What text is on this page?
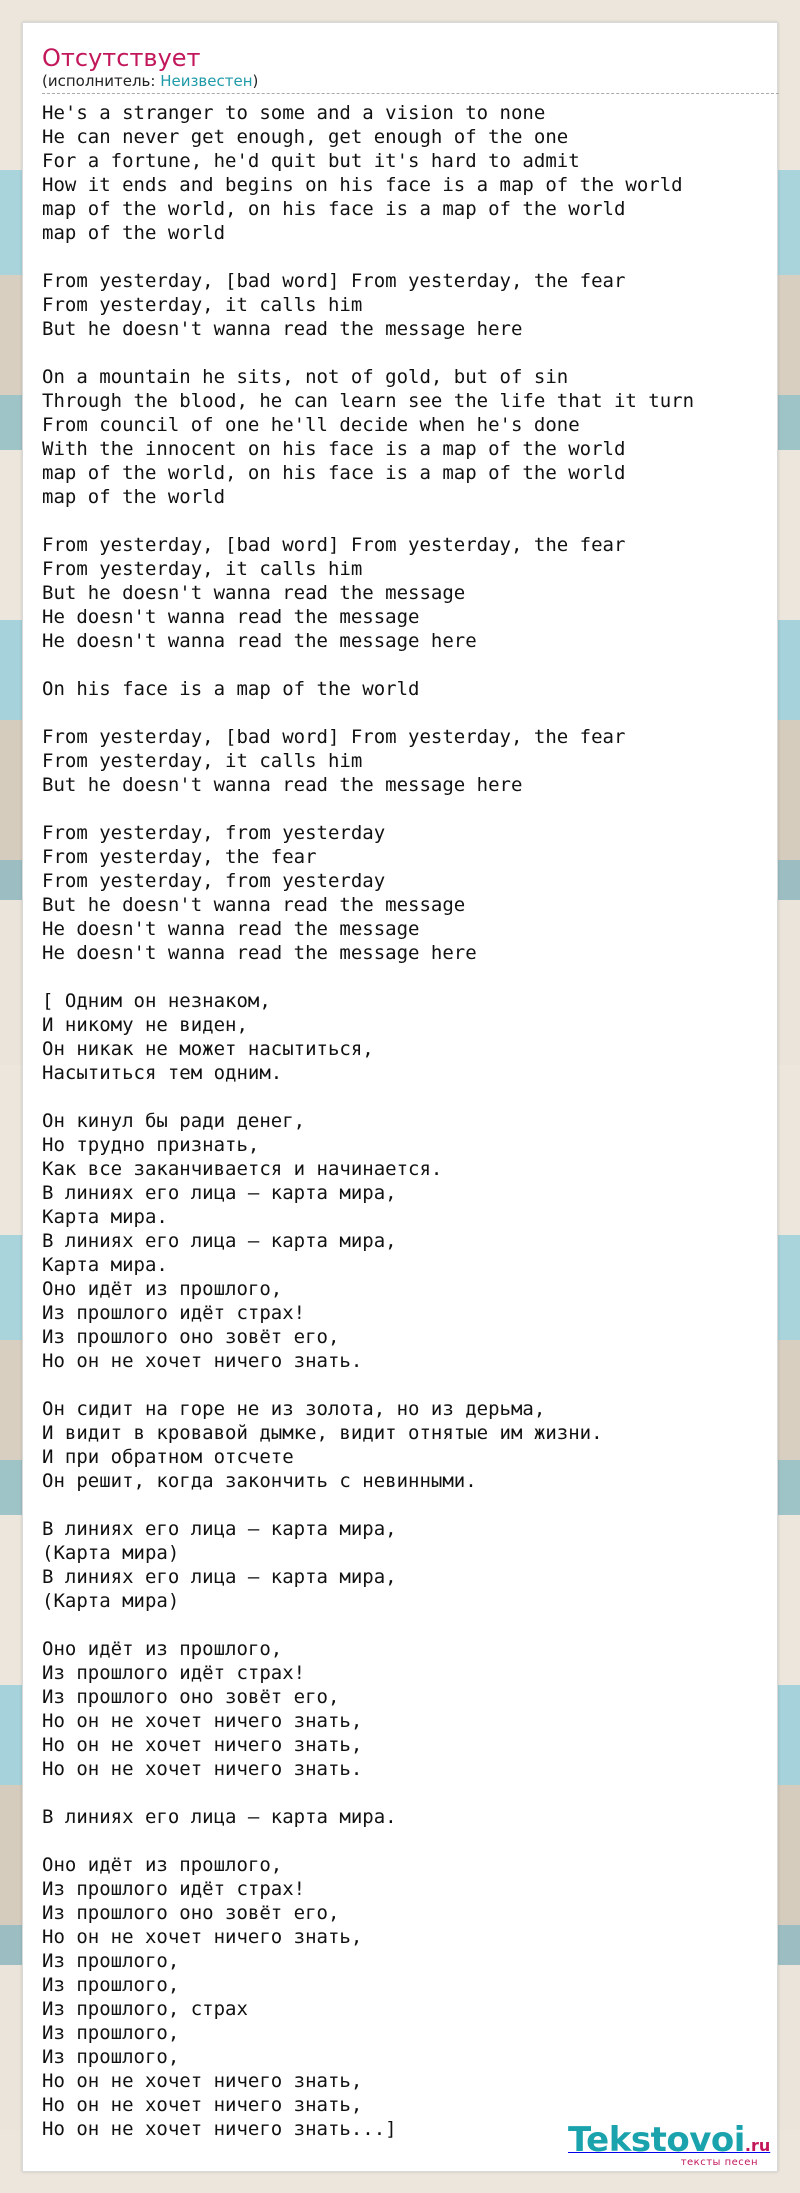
Отсутствует
(исполнитель: Неизвестен)
He's a stranger to some and a vision to none
He can never get enough, get enough of the one
For a fortune, he'd quit but it's hard to admit
How it ends and begins on his face is a map of the world
map of the world, on his face is a map of the world
map of the world

From yesterday, [bad word] From yesterday, the fear
From yesterday, it calls him
But he doesn't wanna read the message here

On a mountain he sits, not of gold, but of sin
Through the blood, he can learn see the life that it turn
From council of one he'll decide when he's done
With the innocent on his face is a map of the world
map of the world, on his face is a map of the world
map of the world

From yesterday, [bad word] From yesterday, the fear
From yesterday, it calls him
But he doesn't wanna read the message
He doesn't wanna read the message
He doesn't wanna read the message here

On his face is a map of the world

From yesterday, [bad word] From yesterday, the fear
From yesterday, it calls him
But he doesn't wanna read the message here

From yesterday, from yesterday
From yesterday, the fear
From yesterday, from yesterday
But he doesn't wanna read the message
He doesn't wanna read the message
He doesn't wanna read the message here

[ Одним он незнаком,
И никому не виден,
Он никак не может насытиться,
Насытиться тем одним.

Он кинул бы ради денег,
Но трудно признать,
Как все заканчивается и начинается.
В линиях его лица – карта мира,
Карта мира.
В линиях его лица – карта мира,
Карта мира.
Оно идёт из прошлого,
Из прошлого идёт страх!
Из прошлого оно зовёт его,
Но он не хочет ничего знать.

Он сидит на горе не из золота, но из дерьма,
И видит в кровавой дымке, видит отнятые им жизни.
И при обратном отсчете
Он решит, когда закончить с невинными.

В линиях его лица – карта мира,
(Карта мира)
В линиях его лица – карта мира,
(Карта мира)

Оно идёт из прошлого,
Из прошлого идёт страх!
Из прошлого оно зовёт его,
Но он не хочет ничего знать,
Но он не хочет ничего знать,
Но он не хочет ничего знать.

В линиях его лица – карта мира.

Оно идёт из прошлого,
Из прошлого идёт страх!
Из прошлого оно зовёт его,
Но он не хочет ничего знать,
Из прошлого,
Из прошлого,
Из прошлого, страх
Из прошлого,
Из прошлого,
Но он не хочет ничего знать,
Но он не хочет ничего знать,
Но он не хочет ничего знать...]	Tekstovoi.ru
тексты песен
